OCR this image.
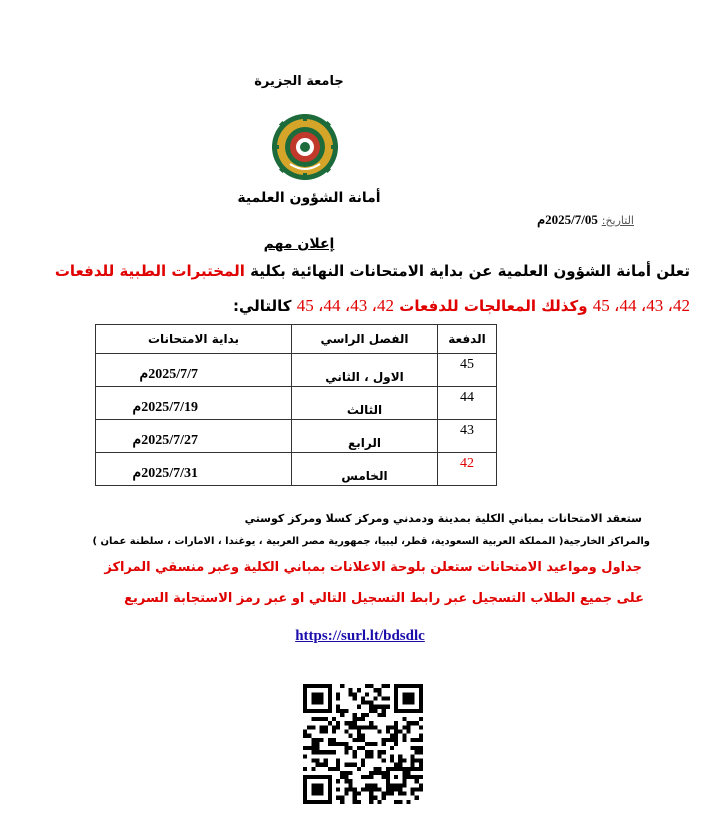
جامعة الجزيرة
أمانة الشؤون العلمية
التاريخ: 2025/7/05م
إعلان مهم
تعلن أمانة الشؤون العلمية عن بداية الامتحانات النهائية بكلية المختبرات الطبية للدفعات
42، 43، 44، 45 وكذلك المعالجات للدفعات 42، 43، 44، 45 كالتالي:
الدفعة	الفصل الراسي	بداية الامتحانات
45	الاول ، الثاني	2025/7/7م
44	الثالث	2025/7/19م
43	الرابع	2025/7/27م
42	الخامس	2025/7/31م
ستعقد الامتحانات بمباني الكلية بمدينة ودمدني ومركز كسلا ومركز كوستي
والمراكز الخارجية( المملكة العربية السعودية، قطر، ليبيا، جمهورية مصر العربية ، يوغندا ، الامارات ، سلطنة عمان )
جداول ومواعيد الامتحانات ستعلن بلوحة الاعلانات بمباني الكلية وعبر منسقي المراكز
على جميع الطلاب التسجيل عبر رابط التسجيل التالي او عبر رمز الاستجابة السريع
https://surl.lt/bdsdlc
